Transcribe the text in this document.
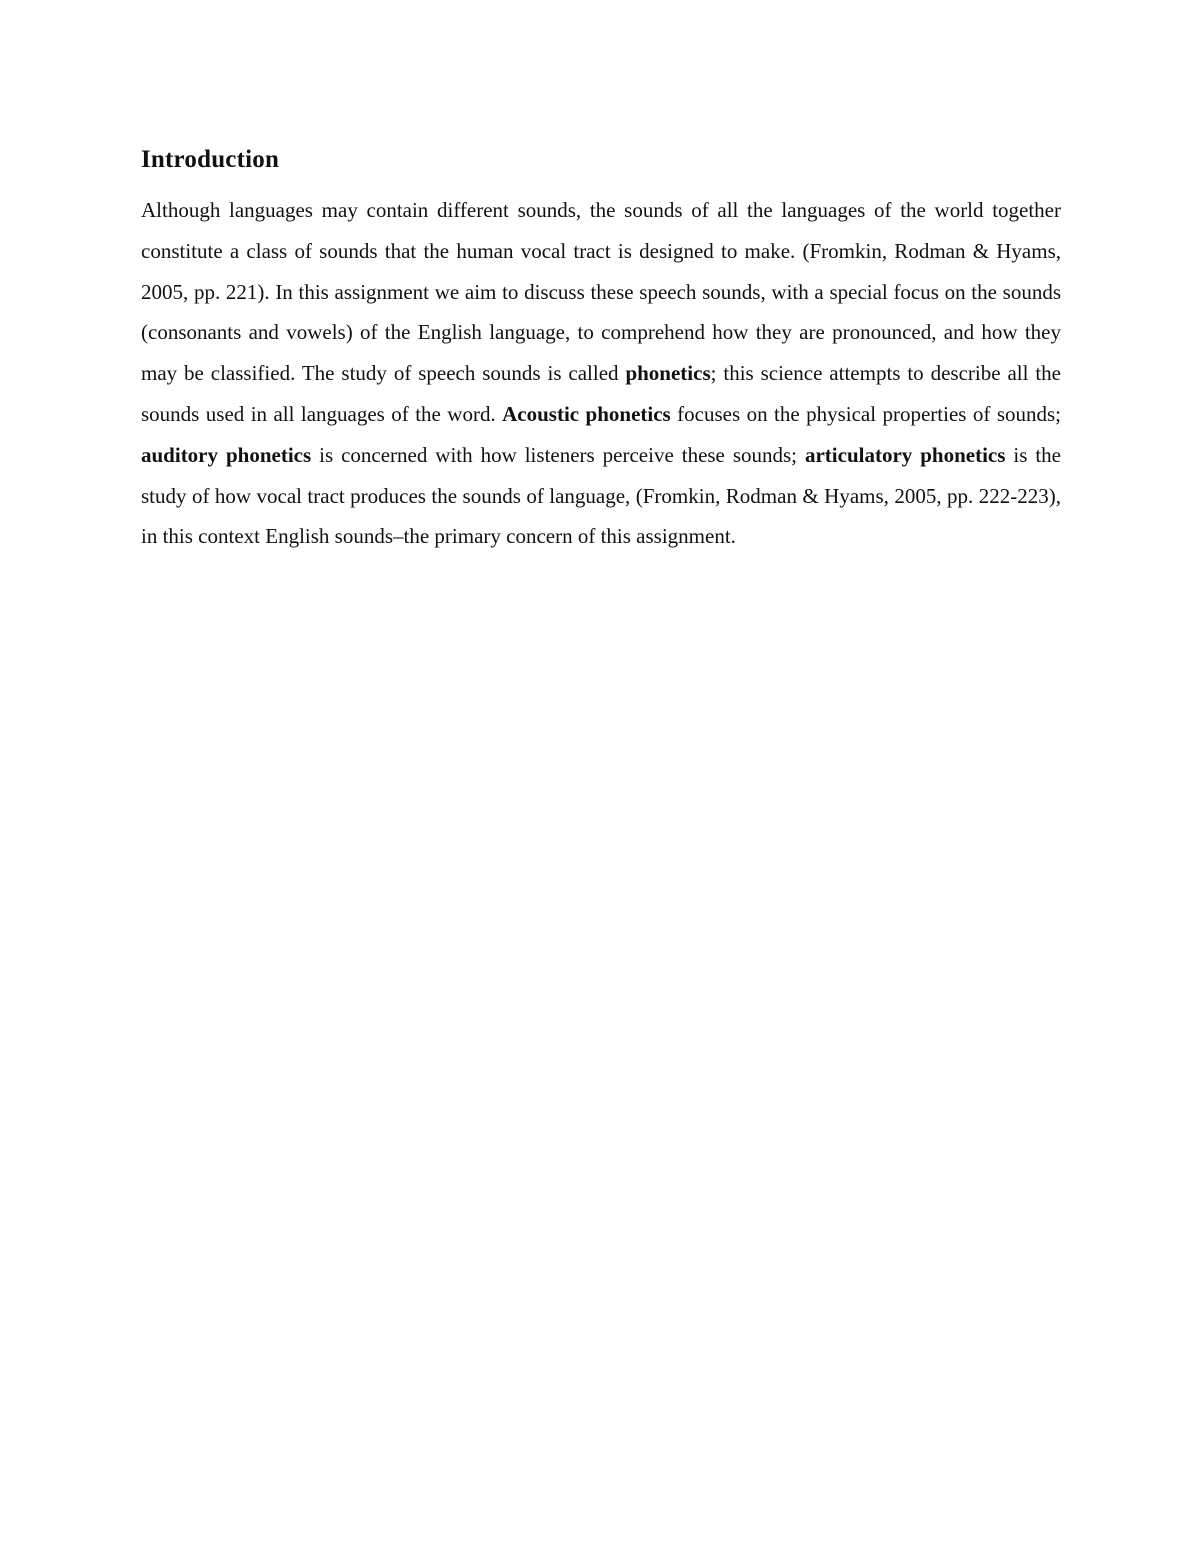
Introduction

Although languages may contain different sounds, the sounds of all the languages of the world together constitute a class of sounds that the human vocal tract is designed to make. (Fromkin, Rodman & Hyams, 2005, pp. 221). In this assignment we aim to discuss these speech sounds, with a special focus on the sounds (consonants and vowels) of the English language, to comprehend how they are pronounced, and how they may be classified. The study of speech sounds is called phonetics; this science attempts to describe all the sounds used in all languages of the word. Acoustic phonetics focuses on the physical properties of sounds; auditory phonetics is concerned with how listeners perceive these sounds; articulatory phonetics is the study of how vocal tract produces the sounds of language, (Fromkin, Rodman & Hyams, 2005, pp. 222-223), in this context English sounds–the primary concern of this assignment.
